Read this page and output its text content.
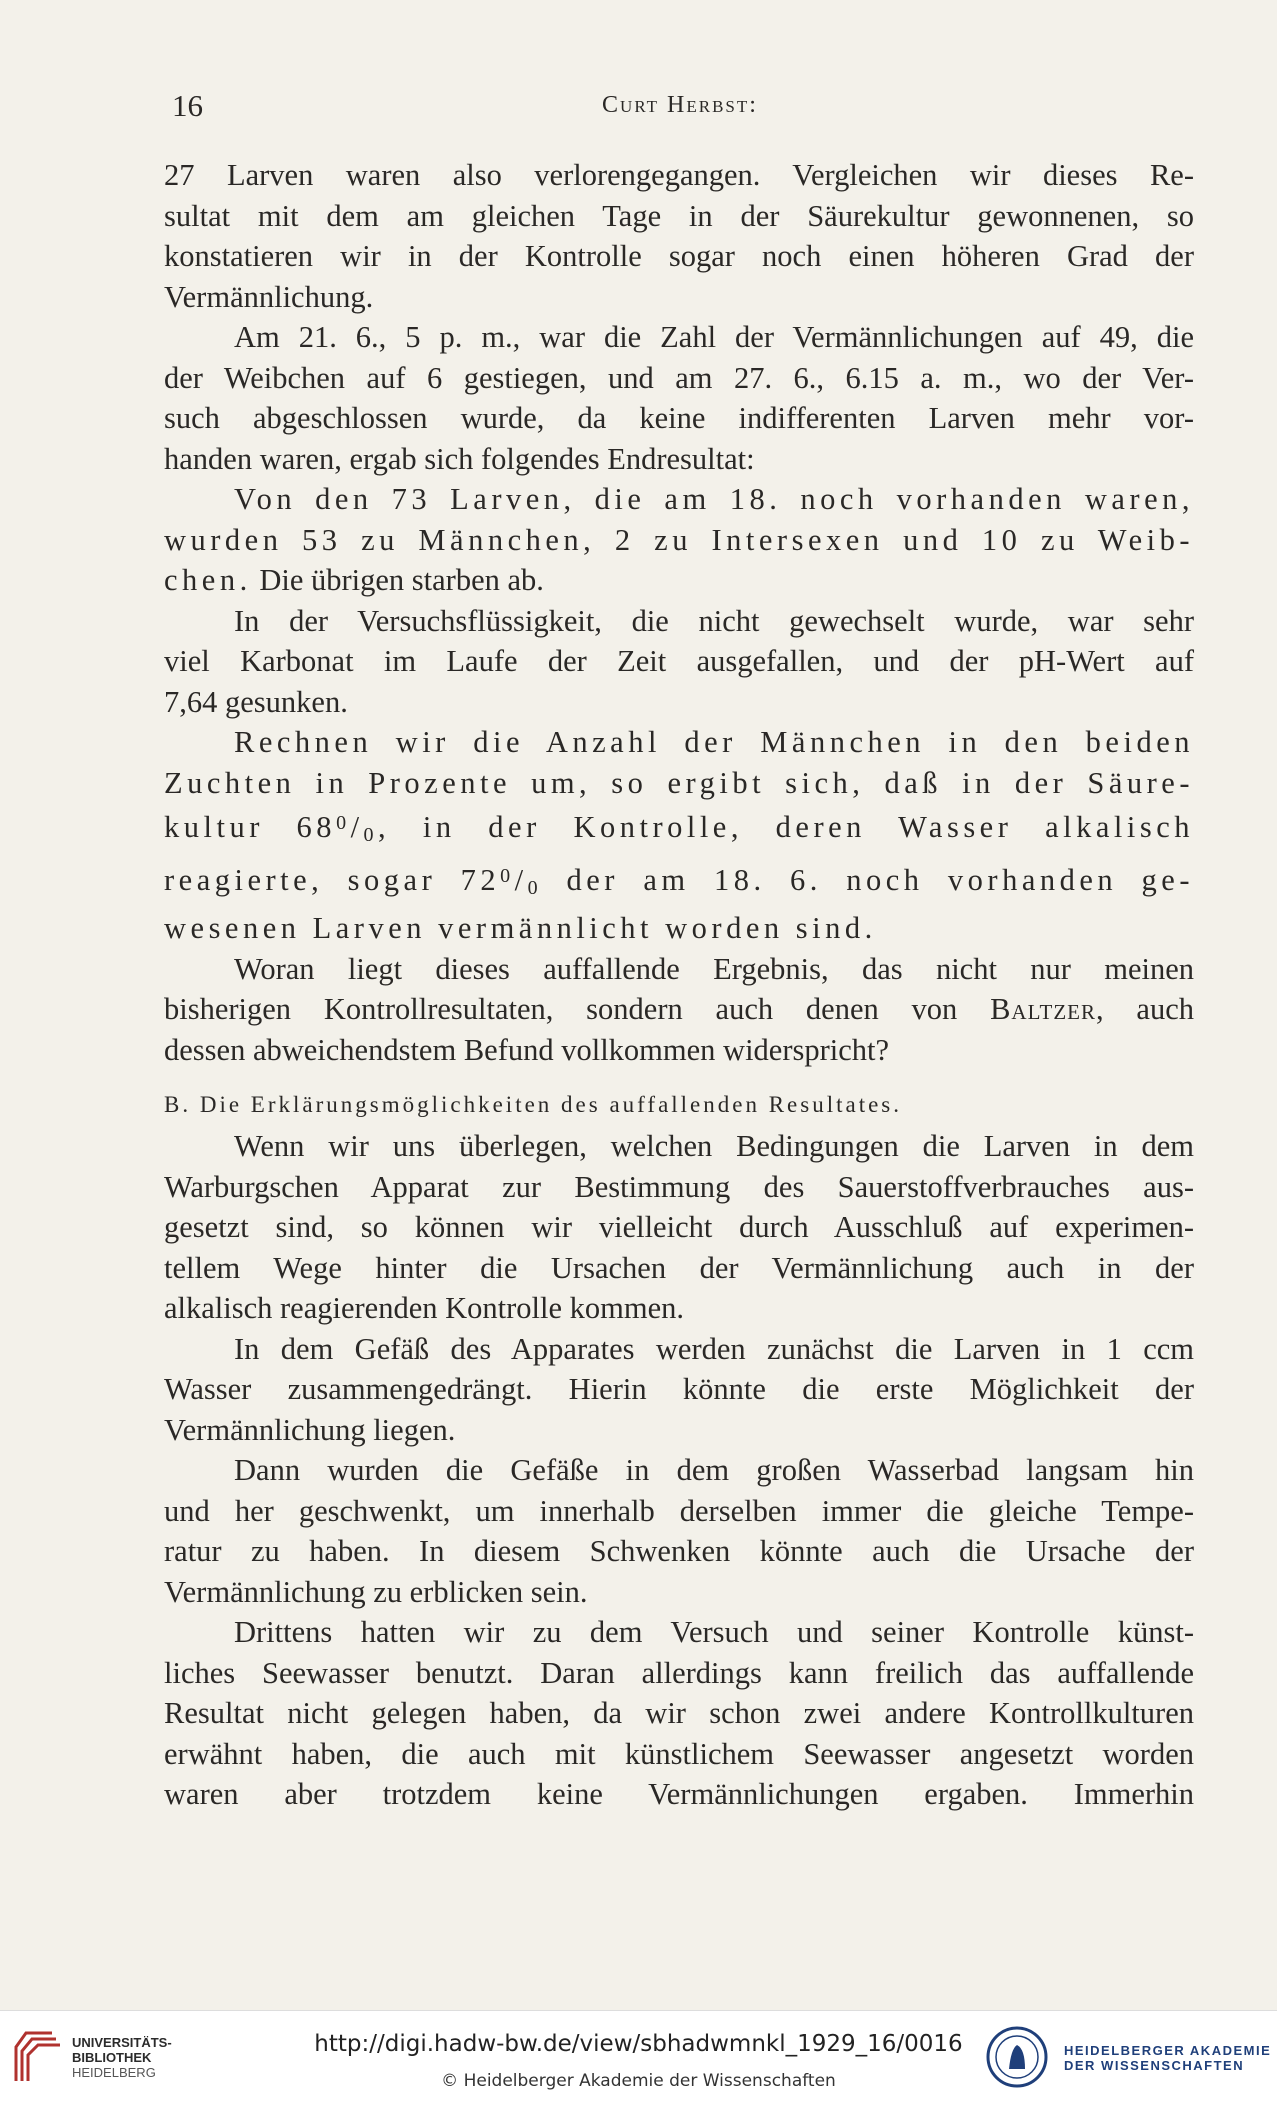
16	Curt Herbst:

27 Larven waren also verlorengegangen. Vergleichen wir dieses Re-
sultat mit dem am gleichen Tage in der Säurekultur gewonnenen, so
konstatieren wir in der Kontrolle sogar noch einen höheren Grad der
Vermännlichung.

Am 21. 6., 5 p. m., war die Zahl der Vermännlichungen auf 49, die
der Weibchen auf 6 gestiegen, und am 27. 6., 6.15 a. m., wo der Ver-
such abgeschlossen wurde, da keine indifferenten Larven mehr vor-
handen waren, ergab sich folgendes Endresultat:

Von den 73 Larven, die am 18. noch vorhanden waren,
wurden 53 zu Männchen, 2 zu Intersexen und 10 zu Weib-
chen. Die übrigen starben ab.

In der Versuchsflüssigkeit, die nicht gewechselt wurde, war sehr
viel Karbonat im Laufe der Zeit ausgefallen, und der pH-Wert auf
7,64 gesunken.

Rechnen wir die Anzahl der Männchen in den beiden
Zuchten in Prozente um, so ergibt sich, daß in der Säure-
kultur $68^0/_0$, in der Kontrolle, deren Wasser alkalisch
reagierte, sogar $72^0/_0$ der am 18. 6. noch vorhanden ge-
wesenen Larven vermännlicht worden sind.

Woran liegt dieses auffallende Ergebnis, das nicht nur meinen
bisherigen Kontrollresultaten, sondern auch denen von Baltzer, auch
dessen abweichendstem Befund vollkommen widerspricht?

B. Die Erklärungsmöglichkeiten des auffallenden Resultates.

Wenn wir uns überlegen, welchen Bedingungen die Larven in dem
Warburgschen Apparat zur Bestimmung des Sauerstoffverbrauches aus-
gesetzt sind, so können wir vielleicht durch Ausschluß auf experimen-
tellem Wege hinter die Ursachen der Vermännlichung auch in der
alkalisch reagierenden Kontrolle kommen.

In dem Gefäß des Apparates werden zunächst die Larven in 1 ccm
Wasser zusammengedrängt. Hierin könnte die erste Möglichkeit der
Vermännlichung liegen.

Dann wurden die Gefäße in dem großen Wasserbad langsam hin
und her geschwenkt, um innerhalb derselben immer die gleiche Tempe-
ratur zu haben. In diesem Schwenken könnte auch die Ursache der
Vermännlichung zu erblicken sein.

Drittens hatten wir zu dem Versuch und seiner Kontrolle künst-
liches Seewasser benutzt. Daran allerdings kann freilich das auffallende
Resultat nicht gelegen haben, da wir schon zwei andere Kontrollkulturen
erwähnt haben, die auch mit künstlichem Seewasser angesetzt worden
waren aber trotzdem keine Vermännlichungen ergaben. Immerhin

UNIVERSITÄTS-
BIBLIOTHEK
HEIDELBERG
http://digi.hadw-bw.de/view/sbhadwmnkl_1929_16/0016
© Heidelberger Akademie der Wissenschaften
HEIDELBERGER AKADEMIE
DER WISSENSCHAFTEN
